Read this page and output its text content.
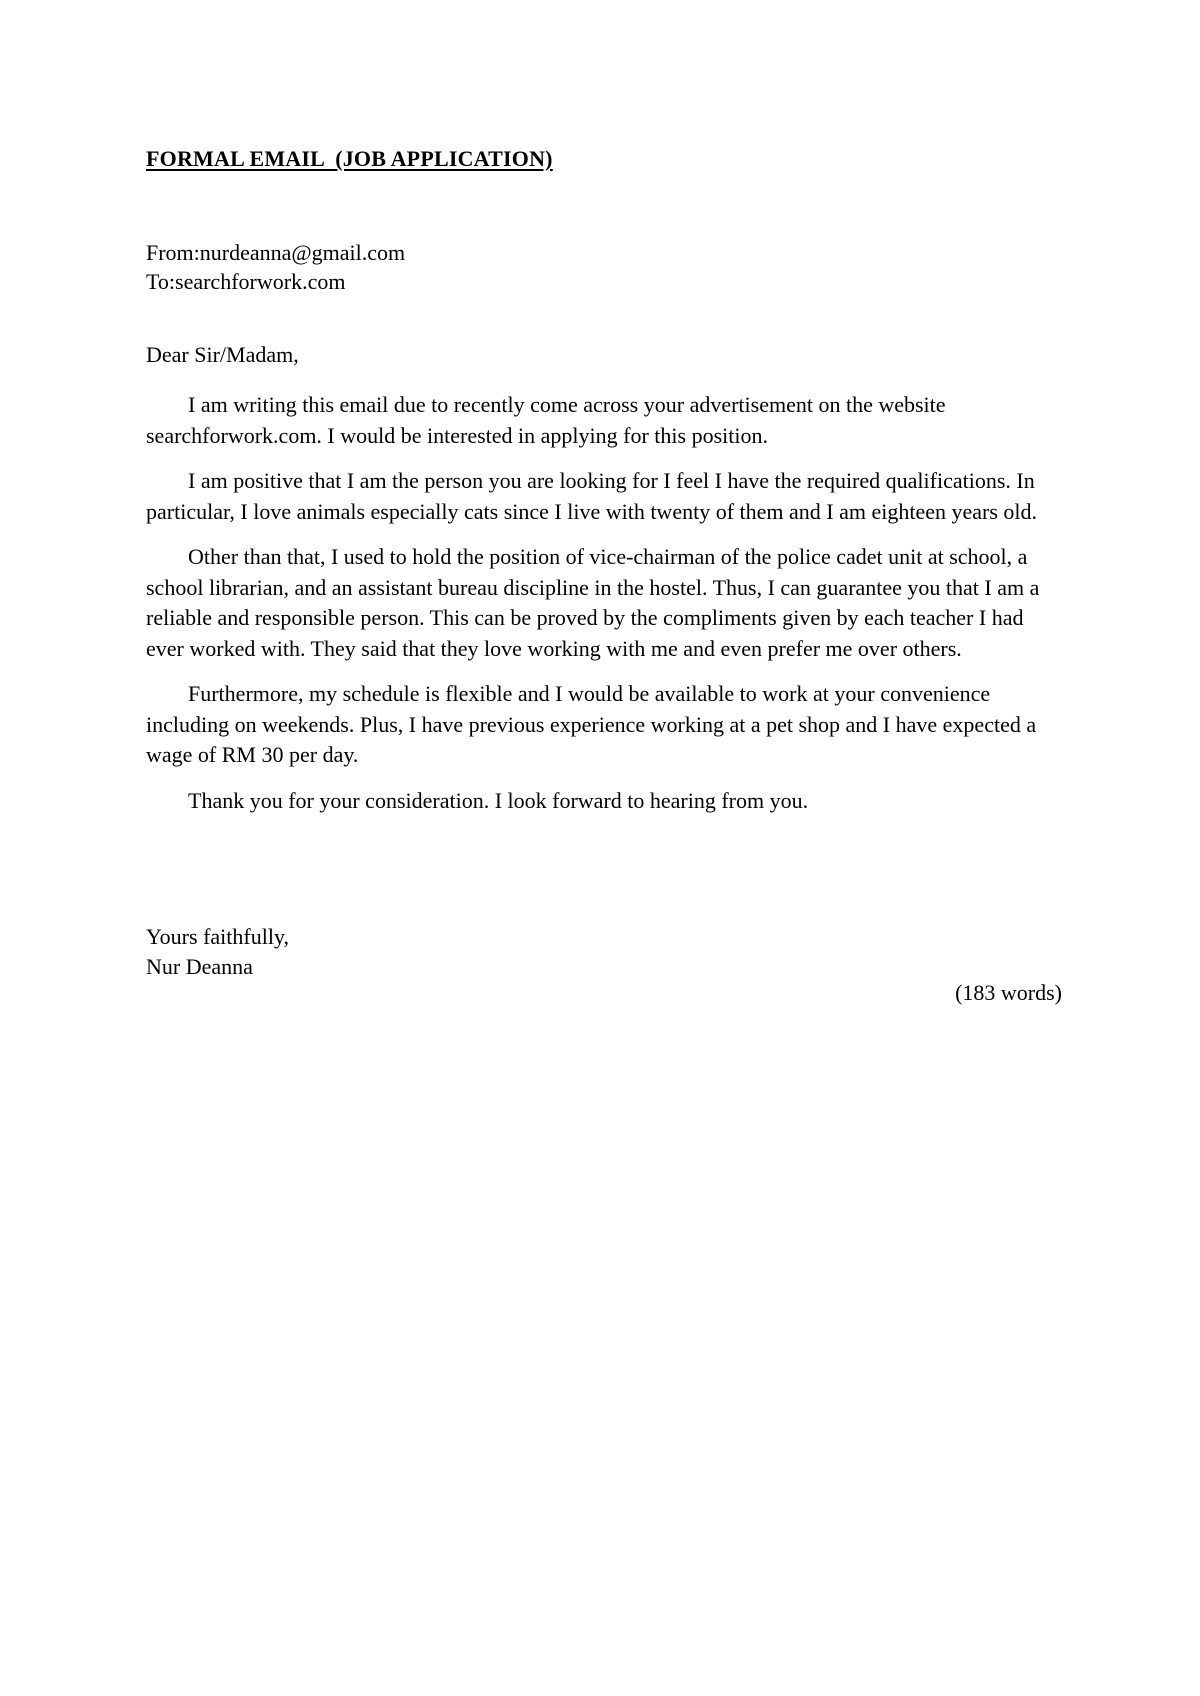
FORMAL EMAIL  (JOB APPLICATION)
From:nurdeanna@gmail.com
To:searchforwork.com
Dear Sir/Madam,

I am writing this email due to recently come across your advertisement on the website searchforwork.com. I would be interested in applying for this position.

I am positive that I am the person you are looking for I feel I have the required qualifications. In particular, I love animals especially cats since I live with twenty of them and I am eighteen years old.

Other than that, I used to hold the position of vice-chairman of the police cadet unit at school, a school librarian, and an assistant bureau discipline in the hostel. Thus, I can guarantee you that I am a reliable and responsible person. This can be proved by the compliments given by each teacher I had ever worked with. They said that they love working with me and even prefer me over others.

Furthermore, my schedule is flexible and I would be available to work at your convenience including on weekends. Plus, I have previous experience working at a pet shop and I have expected a wage of RM 30 per day.

Thank you for your consideration. I look forward to hearing from you.

Yours faithfully,
Nur Deanna
(183 words)
